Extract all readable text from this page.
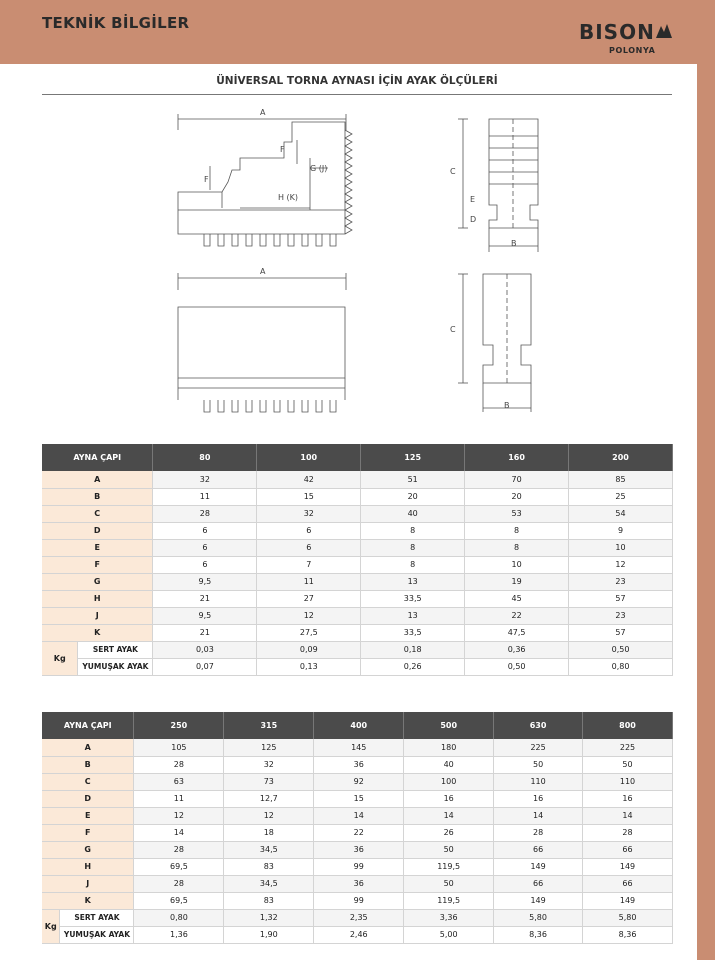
TEKNİK BİLGİLER	BISON
POLONYA
ÜNİVERSAL TORNA AYNASI İÇİN AYAK ÖLÇÜLERİ
A
F
G (J)
F
H (K)
A
C
E
D
B
C
B
AYNA ÇAPI		80	100	125	160	200
A		32	42	51	70	85
B		11	15	20	20	25
C		28	32	40	53	54
D		6	6	8	8	9
E		6	6	8	8	10
F		6	7	8	10	12
G		9,5	11	13	19	23
H		21	27	33,5	45	57
J		9,5	12	13	22	23
K		21	27,5	33,5	47,5	57
Kg	SERT AYAK	0,03	0,09	0,18	0,36	0,50
	YUMUŞAK AYAK	0,07	0,13	0,26	0,50	0,80
AYNA ÇAPI		250	315	400	500	630	800
A		105	125	145	180	225	225
B		28	32	36	40	50	50
C		63	73	92	100	110	110
D		11	12,7	15	16	16	16
E		12	12	14	14	14	14
F		14	18	22	26	28	28
G		28	34,5	36	50	66	66
H		69,5	83	99	119,5	149	149
J		28	34,5	36	50	66	66
K		69,5	83	99	119,5	149	149
Kg	SERT AYAK	0,80	1,32	2,35	3,36	5,80	5,80
	YUMUŞAK AYAK	1,36	1,90	2,46	5,00	8,36	8,36
